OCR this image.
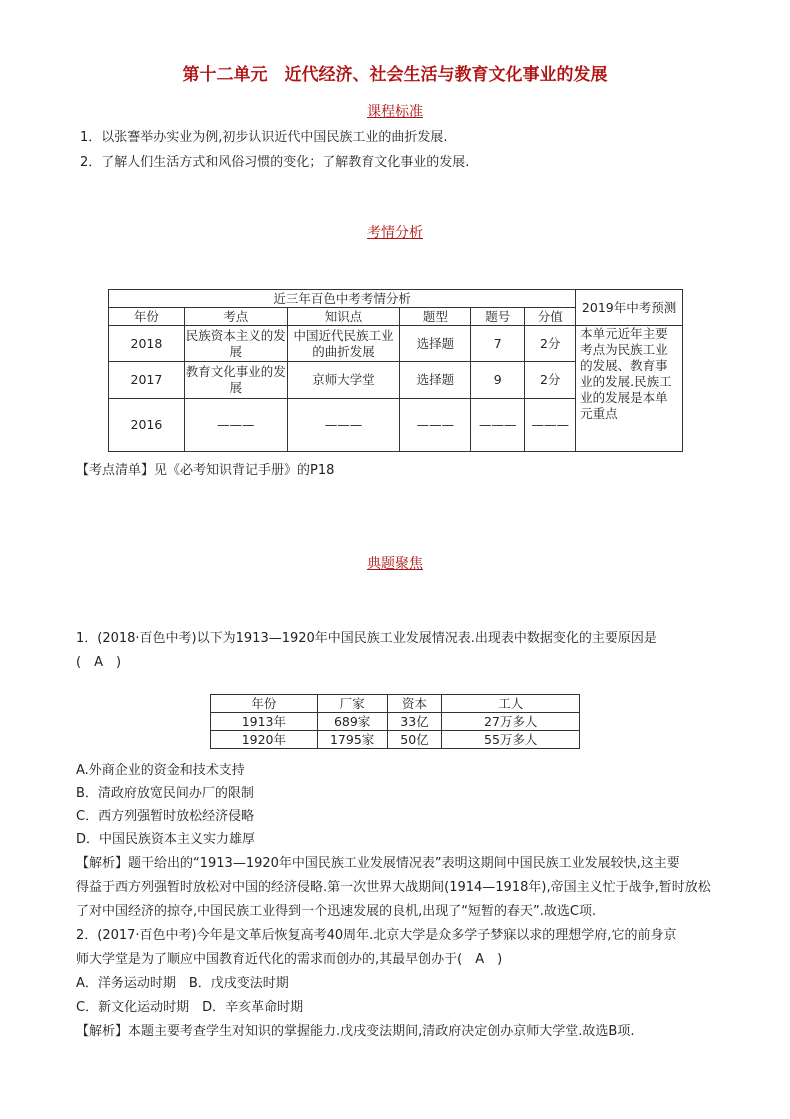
第十二单元　近代经济、社会生活与教育文化事业的发展
课程标准
1．以张謇举办实业为例,初步认识近代中国民族工业的曲折发展.
2．了解人们生活方式和风俗习惯的变化；了解教育文化事业的发展.
考情分析
近三年百色中考考情分析						2019年中考预测
年份	考点	知识点	题型	题号	分值	
2018	民族资本主义的发展	中国近代民族工业的曲折发展	选择题	7	2分	本单元近年主要考点为民族工业的发展、教育事业的发展.民族工业的发展是本单元重点
2017	教育文化事业的发展	京师大学堂	选择题	9	2分	
2016	———	———	———	———	———	
【考点清单】见《必考知识背记手册》的P18
典题聚焦
1．(2018·百色中考)以下为1913—1920年中国民族工业发展情况表.出现表中数据变化的主要原因是
(　A　)
年份	厂家	资本	工人
1913年	689家	33亿	27万多人
1920年	1795家	50亿	55万多人
A.外商企业的资金和技术支持
B．清政府放宽民间办厂的限制
C．西方列强暂时放松经济侵略
D．中国民族资本主义实力雄厚
【解析】题干给出的“1913—1920年中国民族工业发展情况表”表明这期间中国民族工业发展较快,这主要
得益于西方列强暂时放松对中国的经济侵略.第一次世界大战期间(1914—1918年),帝国主义忙于战争,暂时放松
了对中国经济的掠夺,中国民族工业得到一个迅速发展的良机,出现了“短暂的春天”.故选C项.
2．(2017·百色中考)今年是文革后恢复高考40周年.北京大学是众多学子梦寐以求的理想学府,它的前身京
师大学堂是为了顺应中国教育近代化的需求而创办的,其最早创办于(　A　)
A．洋务运动时期　B．戊戌变法时期
C．新文化运动时期　D．辛亥革命时期
【解析】本题主要考查学生对知识的掌握能力.戊戌变法期间,清政府决定创办京师大学堂.故选B项.
